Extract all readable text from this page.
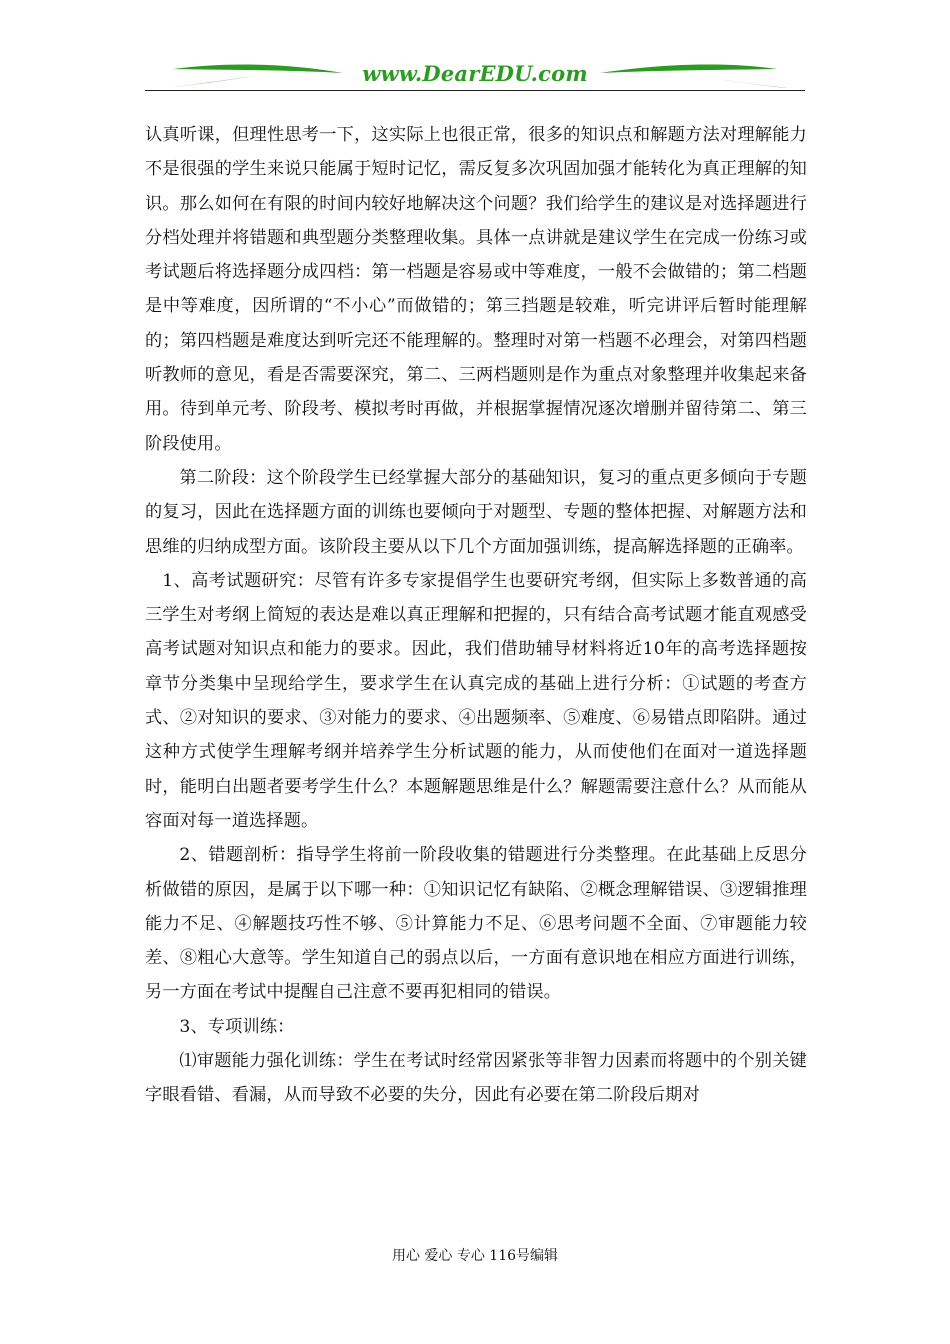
www.DearEDU.com

认真听课，但理性思考一下，这实际上也很正常，很多的知识点和解题方法对理解能力不是很强的学生来说只能属于短时记忆，需反复多次巩固加强才能转化为真正理解的知识。那么如何在有限的时间内较好地解决这个问题？我们给学生的建议是对选择题进行分档处理并将错题和典型题分类整理收集。具体一点讲就是建议学生在完成一份练习或考试题后将选择题分成四档：第一档题是容易或中等难度，一般不会做错的；第二档题是中等难度，因所谓的“不小心”而做错的；第三挡题是较难，听完讲评后暂时能理解的；第四档题是难度达到听完还不能理解的。整理时对第一档题不必理会，对第四档题听教师的意见，看是否需要深究，第二、三两档题则是作为重点对象整理并收集起来备用。待到单元考、阶段考、模拟考时再做，并根据掌握情况逐次增删并留待第二、第三阶段使用。

第二阶段：这个阶段学生已经掌握大部分的基础知识，复习的重点更多倾向于专题的复习，因此在选择题方面的训练也要倾向于对题型、专题的整体把握、对解题方法和思维的归纳成型方面。该阶段主要从以下几个方面加强训练，提高解选择题的正确率。

1、高考试题研究：尽管有许多专家提倡学生也要研究考纲，但实际上多数普通的高三学生对考纲上简短的表达是难以真正理解和把握的，只有结合高考试题才能直观感受高考试题对知识点和能力的要求。因此，我们借助辅导材料将近10年的高考选择题按章节分类集中呈现给学生，要求学生在认真完成的基础上进行分析：①试题的考查方式、②对知识的要求、③对能力的要求、④出题频率、⑤难度、⑥易错点即陷阱。通过这种方式使学生理解考纲并培养学生分析试题的能力，从而使他们在面对一道选择题时，能明白出题者要考学生什么？本题解题思维是什么？解题需要注意什么？从而能从容面对每一道选择题。

2、错题剖析：指导学生将前一阶段收集的错题进行分类整理。在此基础上反思分析做错的原因，是属于以下哪一种：①知识记忆有缺陷、②概念理解错误、③逻辑推理能力不足、④解题技巧性不够、⑤计算能力不足、⑥思考问题不全面、⑦审题能力较差、⑧粗心大意等。学生知道自己的弱点以后，一方面有意识地在相应方面进行训练，另一方面在考试中提醒自己注意不要再犯相同的错误。

3、专项训练：

⑴审题能力强化训练：学生在考试时经常因紧张等非智力因素而将题中的个别关键字眼看错、看漏，从而导致不必要的失分，因此有必要在第二阶段后期对

用心 爱心 专心 116号编辑
